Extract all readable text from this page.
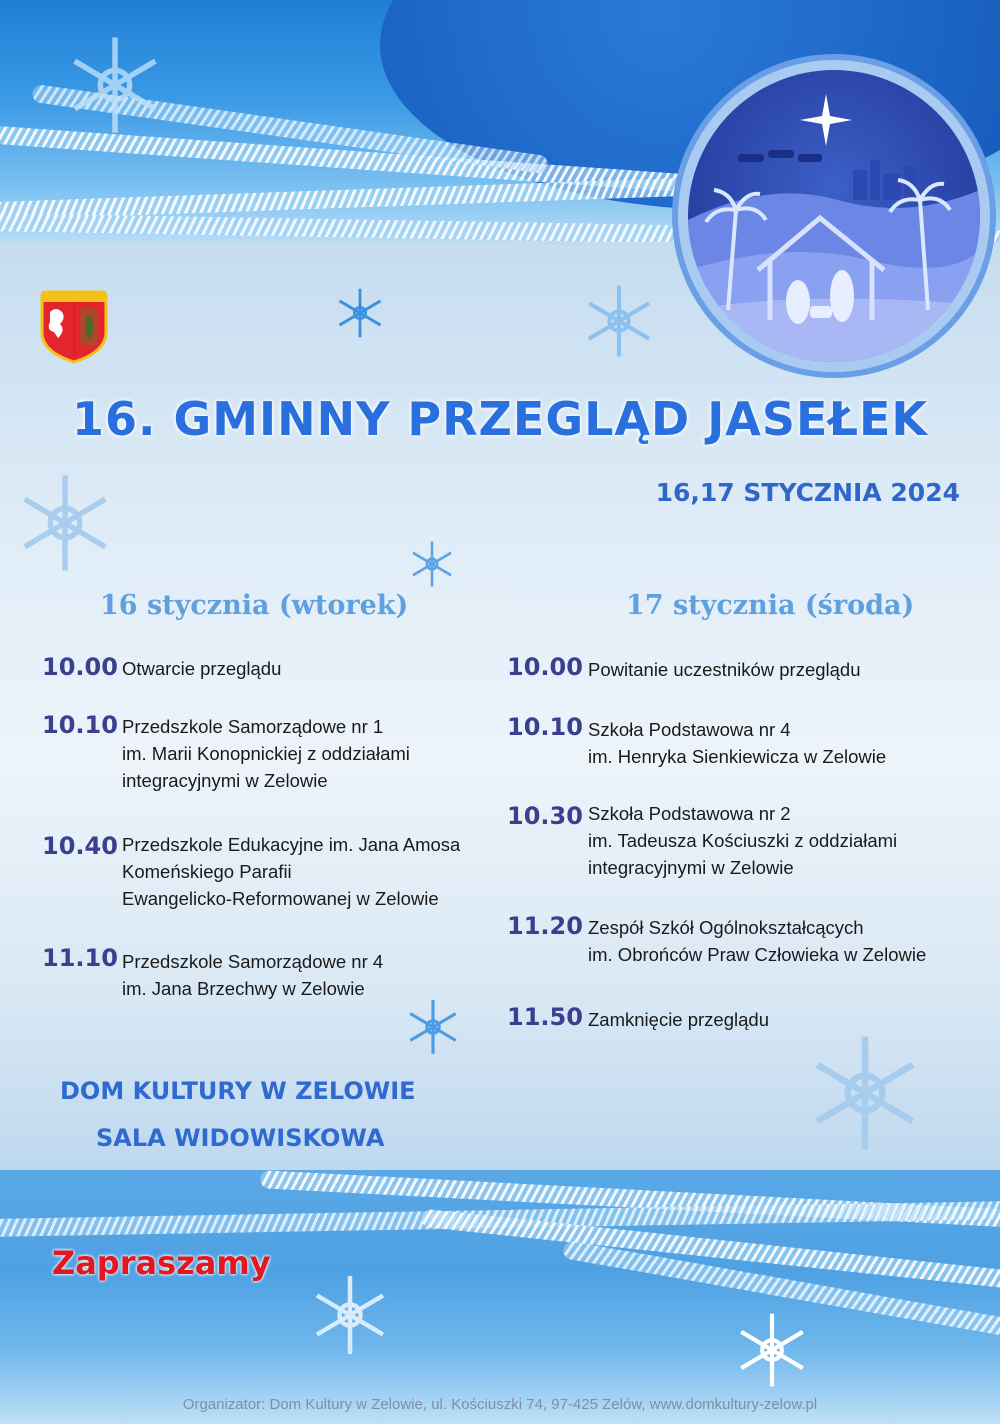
16. GMINNY PRZEGLĄD JASEŁEK
16,17 STYCZNIA 2024
16 stycznia (wtorek)
10.00 Otwarcie przeglądu
10.10 Przedszkole Samorządowe nr 1
im. Marii Konopnickiej z oddziałami
integracyjnymi w Zelowie
10.40 Przedszkole Edukacyjne im. Jana Amosa
Komeńskiego Parafii
Ewangelicko-Reformowanej w Zelowie
11.10 Przedszkole Samorządowe nr 4
im. Jana Brzechwy w Zelowie
17 stycznia (środa)
10.00 Powitanie uczestników przeglądu
10.10 Szkoła Podstawowa nr 4
im. Henryka Sienkiewicza w Zelowie
10.30 Szkoła Podstawowa nr 2
im. Tadeusza Kościuszki z oddziałami
integracyjnymi w Zelowie
11.20 Zespół Szkół Ogólnokształcących
im. Obrońców Praw Człowieka w Zelowie
11.50 Zamknięcie przeglądu
DOM KULTURY W ZELOWIE
SALA WIDOWISKOWA
Zapraszamy
Organizator: Dom Kultury w Zelowie, ul. Kościuszki 74, 97-425 Zelów, www.domkultury-zelow.pl
